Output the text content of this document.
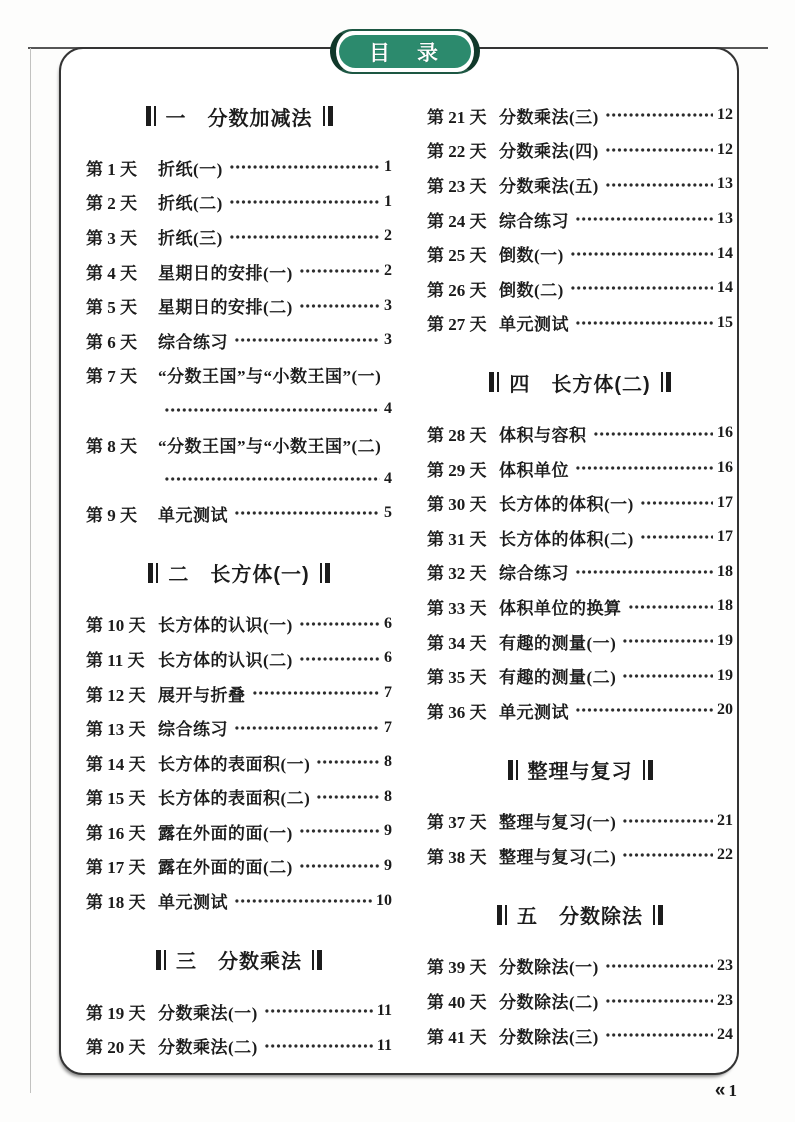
目　录
一　分数加减法
第 1 天	折纸(一)	1
第 2 天	折纸(二)	1
第 3 天	折纸(三)	2
第 4 天	星期日的安排(一)	2
第 5 天	星期日的安排(二)	3
第 6 天	综合练习	3
第 7 天	“分数王国”与“小数王国”(一)
4
第 8 天	“分数王国”与“小数王国”(二)
4
第 9 天	单元测试	5
二　长方体(一)
第 10 天 长方体的认识(一)	6
第 11 天 长方体的认识(二)	6
第 12 天 展开与折叠	7
第 13 天 综合练习	7
第 14 天 长方体的表面积(一)	8
第 15 天 长方体的表面积(二)	8
第 16 天 露在外面的面(一)	9
第 17 天 露在外面的面(二)	9
第 18 天 单元测试	10
三　分数乘法
第 19 天 分数乘法(一)	11
第 20 天 分数乘法(二)	11
第 21 天 分数乘法(三)	12
第 22 天 分数乘法(四)	12
第 23 天 分数乘法(五)	13
第 24 天 综合练习	13
第 25 天 倒数(一)	14
第 26 天 倒数(二)	14
第 27 天 单元测试	15
四　长方体(二)
第 28 天 体积与容积	16
第 29 天 体积单位	16
第 30 天 长方体的体积(一)	17
第 31 天 长方体的体积(二)	17
第 32 天 综合练习	18
第 33 天 体积单位的换算	18
第 34 天 有趣的测量(一)	19
第 35 天 有趣的测量(二)	19
第 36 天 单元测试	20
整理与复习
第 37 天 整理与复习(一)	21
第 38 天 整理与复习(二)	22
五　分数除法
第 39 天 分数除法(一)	23
第 40 天 分数除法(二)	23
第 41 天 分数除法(三)	24
« 1
